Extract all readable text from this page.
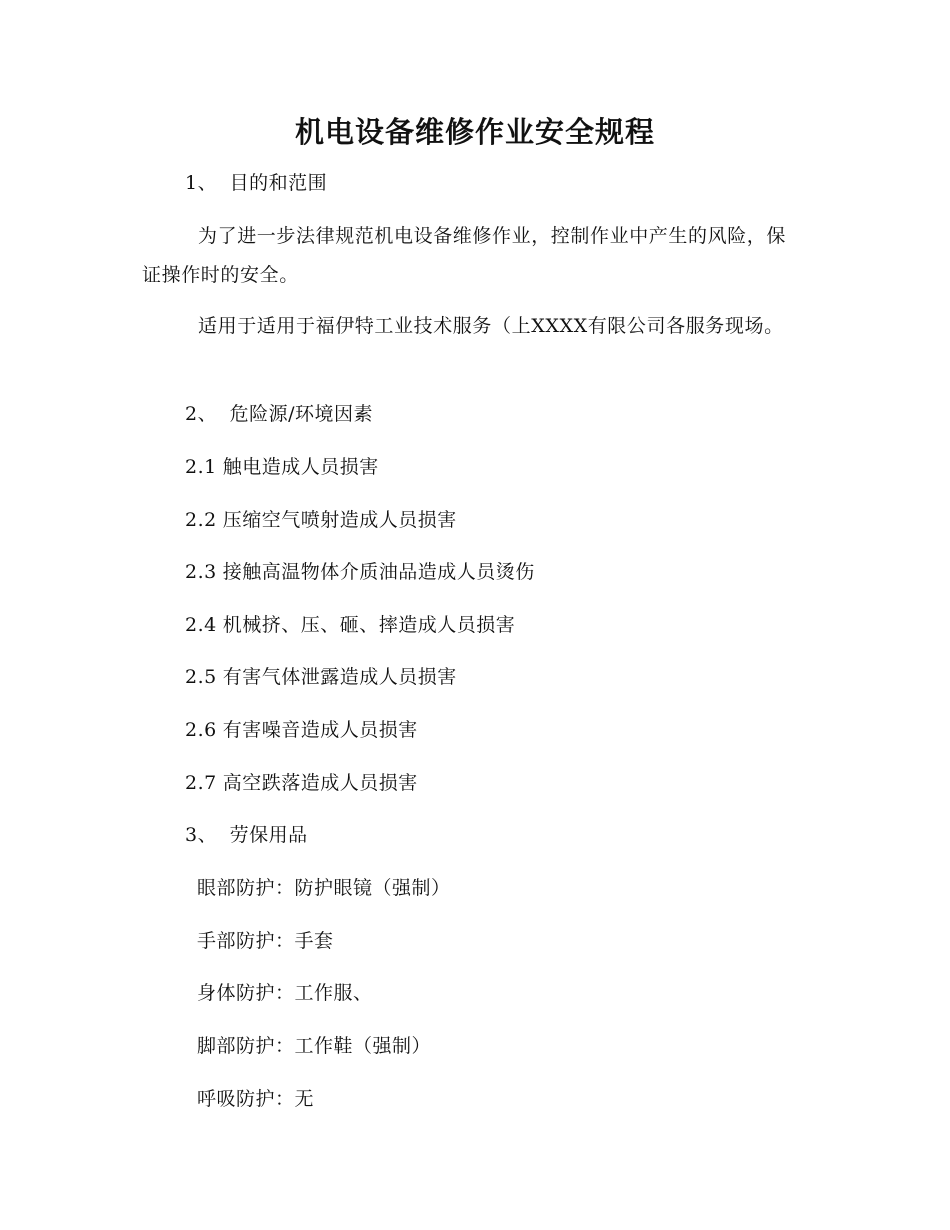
机电设备维修作业安全规程
1、 目的和范围
为了进一步法律规范机电设备维修作业，控制作业中产生的风险，保证操作时的安全。
适用于适用于福伊特工业技术服务（上XXXX有限公司各服务现场。
2、 危险源/环境因素
2.1 触电造成人员损害
2.2 压缩空气喷射造成人员损害
2.3 接触高温物体介质油品造成人员烫伤
2.4 机械挤、压、砸、摔造成人员损害
2.5 有害气体泄露造成人员损害
2.6 有害噪音造成人员损害
2.7 高空跌落造成人员损害
3、 劳保用品
眼部防护：防护眼镜（强制）
手部防护：手套
身体防护：工作服、
脚部防护：工作鞋（强制）
呼吸防护：无
